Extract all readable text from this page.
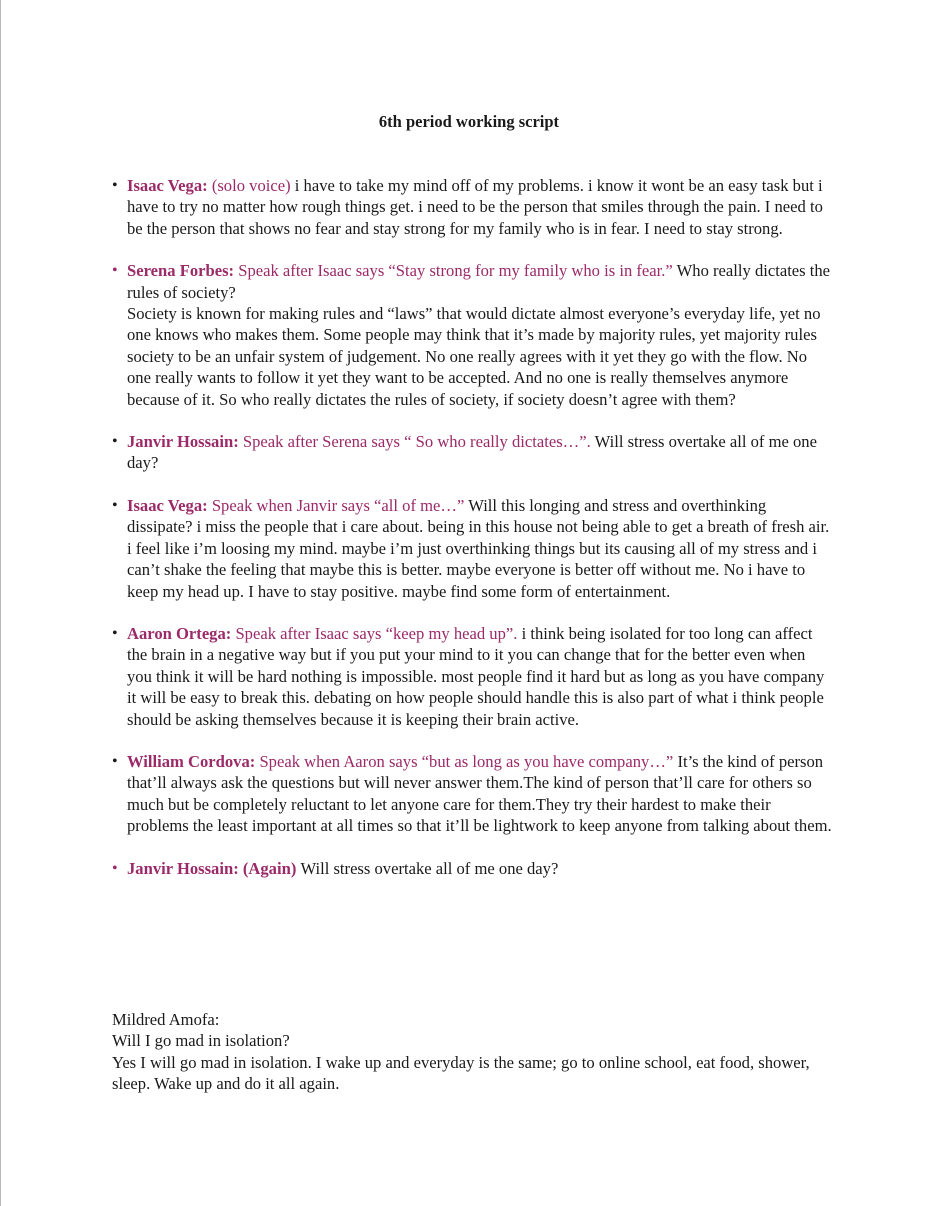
6th period working script
• Isaac Vega: (solo voice) i have to take my mind off of my problems. i know it wont be an easy task but i have to try no matter how rough things get. i need to be the person that smiles through the pain. I need to be the person that shows no fear and stay strong for my family who is in fear. I need to stay strong.
• Serena Forbes: Speak after Isaac says “Stay strong for my family who is in fear.” Who really dictates the rules of society?
Society is known for making rules and “laws” that would dictate almost everyone’s everyday life, yet no one knows who makes them. Some people may think that it’s made by majority rules, yet majority rules society to be an unfair system of judgement. No one really agrees with it yet they go with the flow. No one really wants to follow it yet they want to be accepted. And no one is really themselves anymore because of it. So who really dictates the rules of society, if society doesn’t agree with them?
• Janvir Hossain: Speak after Serena says “ So who really dictates…”. Will stress overtake all of me one day?
• Isaac Vega: Speak when Janvir says “all of me…” Will this longing and stress and overthinking dissipate? i miss the people that i care about. being in this house not being able to get a breath of fresh air. i feel like i’m loosing my mind. maybe i’m just overthinking things but its causing all of my stress and i can’t shake the feeling that maybe this is better. maybe everyone is better off without me. No i have to keep my head up. I have to stay positive. maybe find some form of entertainment.
• Aaron Ortega: Speak after Isaac says “keep my head up”. i think being isolated for too long can affect the brain in a negative way but if you put your mind to it you can change that for the better even when you think it will be hard nothing is impossible. most people find it hard but as long as you have company it will be easy to break this. debating on how people should handle this is also part of what i think people should be asking themselves because it is keeping their brain active.
• William Cordova: Speak when Aaron says “but as long as you have company…” It’s the kind of person that’ll always ask the questions but will never answer them.The kind of person that’ll care for others so much but be completely reluctant to let anyone care for them.They try their hardest to make their problems the least important at all times so that it’ll be lightwork to keep anyone from talking about them.
• Janvir Hossain: (Again) Will stress overtake all of me one day?

Mildred Amofa:

Will I go mad in isolation?

Yes I will go mad in isolation. I wake up and everyday is the same; go to online school, eat food, shower, sleep. Wake up and do it all again.
